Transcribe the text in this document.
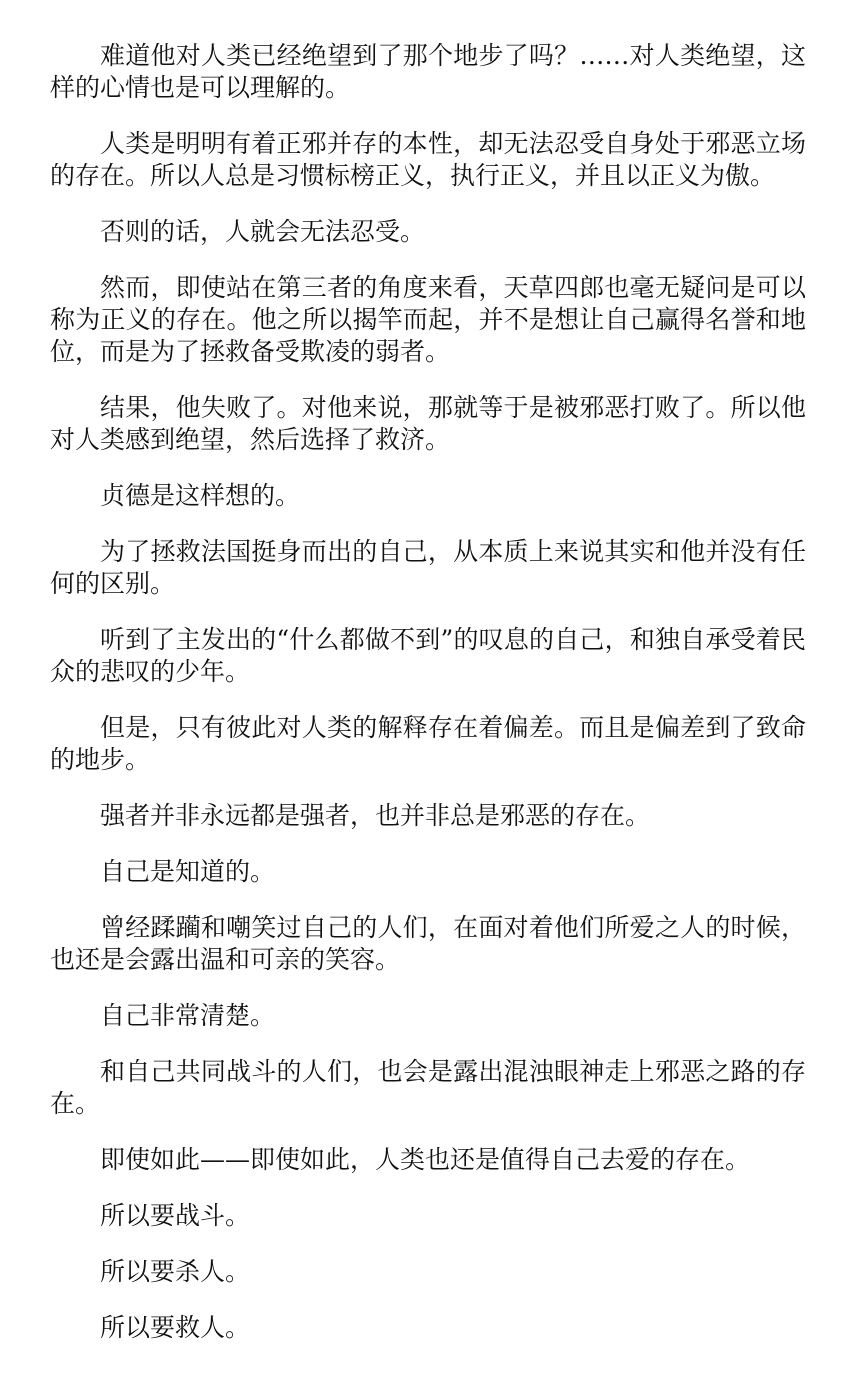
难道他对人类已经绝望到了那个地步了吗？……对人类绝望，这样的心情也是可以理解的。

人类是明明有着正邪并存的本性，却无法忍受自身处于邪恶立场的存在。所以人总是习惯标榜正义，执行正义，并且以正义为傲。

否则的话，人就会无法忍受。

然而，即使站在第三者的角度来看，天草四郎也毫无疑问是可以称为正义的存在。他之所以揭竿而起，并不是想让自己赢得名誉和地位，而是为了拯救备受欺凌的弱者。

结果，他失败了。对他来说，那就等于是被邪恶打败了。所以他对人类感到绝望，然后选择了救济。

贞德是这样想的。

为了拯救法国挺身而出的自己，从本质上来说其实和他并没有任何的区别。

听到了主发出的“什么都做不到”的叹息的自己，和独自承受着民众的悲叹的少年。

但是，只有彼此对人类的解释存在着偏差。而且是偏差到了致命的地步。

强者并非永远都是强者，也并非总是邪恶的存在。

自己是知道的。

曾经蹂躏和嘲笑过自己的人们，在面对着他们所爱之人的时候，也还是会露出温和可亲的笑容。

自己非常清楚。

和自己共同战斗的人们，也会是露出混浊眼神走上邪恶之路的存在。

即使如此——即使如此，人类也还是值得自己去爱的存在。

所以要战斗。

所以要杀人。

所以要救人。
